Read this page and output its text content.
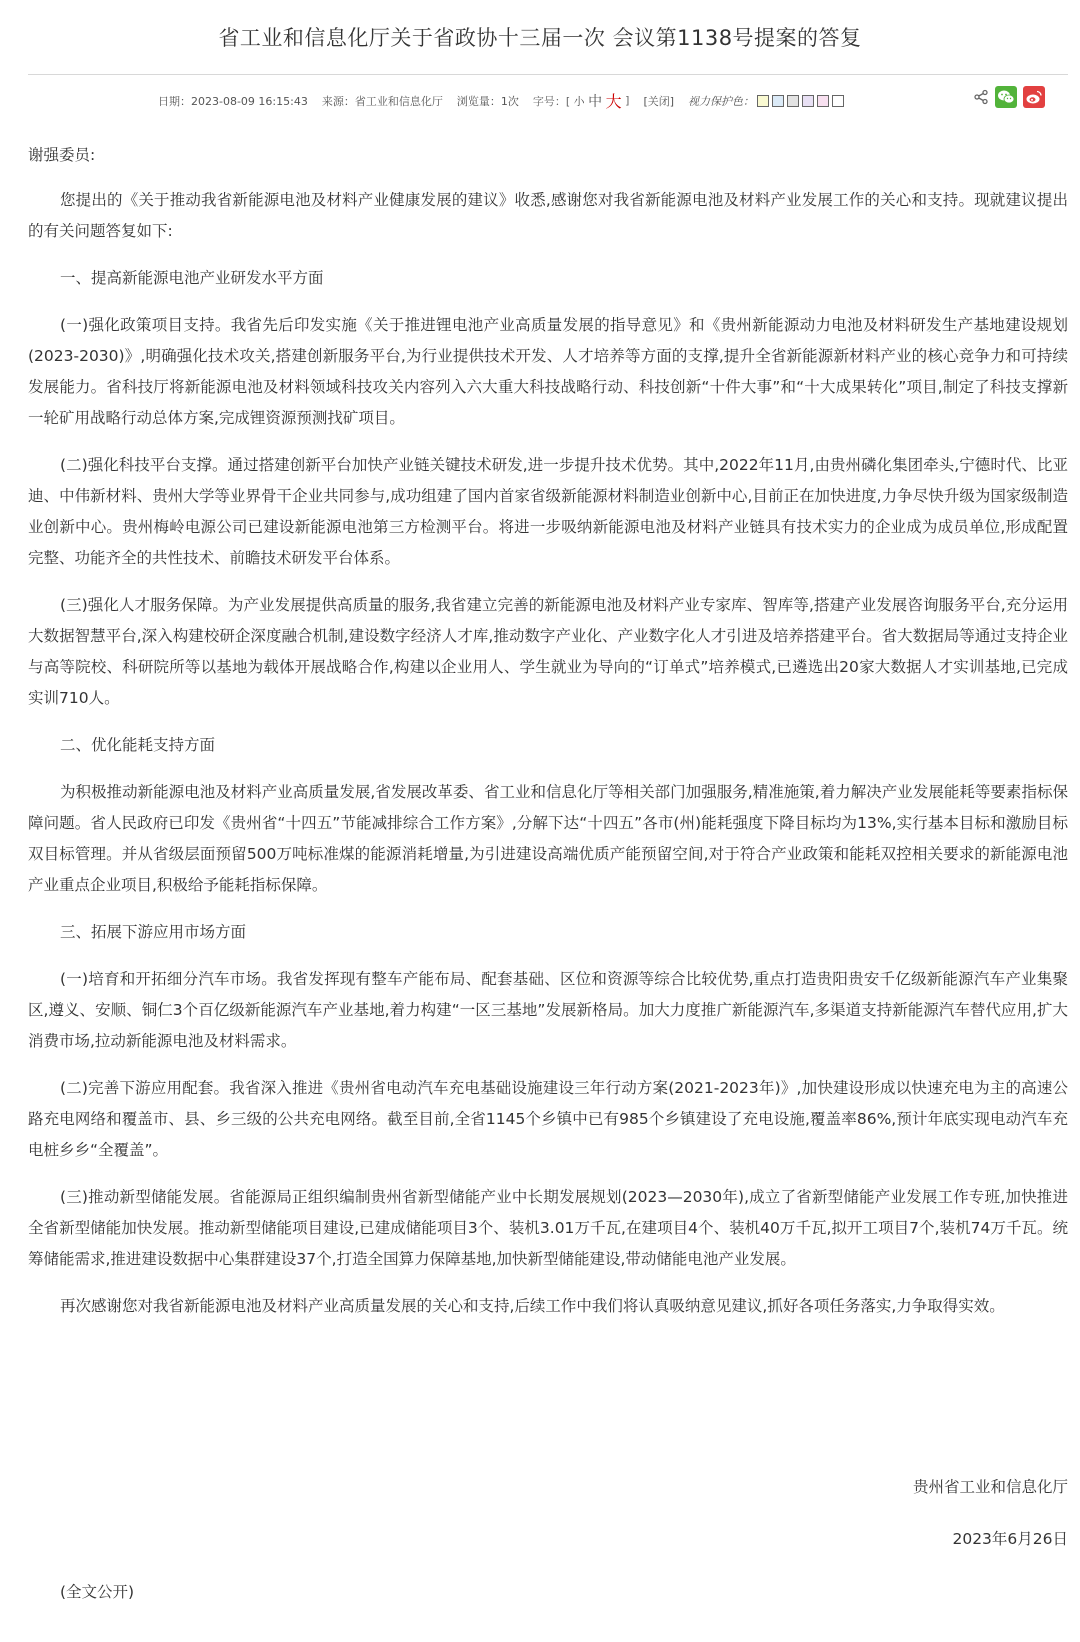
省工业和信息化厅关于省政协十三届一次 会议第1138号提案的答复
日期：2023-08-09 16:15:43 来源：省工业和信息化厅 浏览量：1次 字号：[
小
中
大
] [关闭] 视力保护色：

谢强委员:

您提出的《关于推动我省新能源电池及材料产业健康发展的建议》收悉,感谢您对我省新能源电池及材料产业发展工作的关心和支持。现就建议提出的有关问题答复如下:

一、提高新能源电池产业研发水平方面

(一)强化政策项目支持。我省先后印发实施《关于推进锂电池产业高质量发展的指导意见》和《贵州新能源动力电池及材料研发生产基地建设规划(2023-2030)》,明确强化技术攻关,搭建创新服务平台,为行业提供技术开发、人才培养等方面的支撑,提升全省新能源新材料产业的核心竞争力和可持续发展能力。省科技厅将新能源电池及材料领域科技攻关内容列入六大重大科技战略行动、科技创新“十件大事”和“十大成果转化”项目,制定了科技支撑新一轮矿用战略行动总体方案,完成锂资源预测找矿项目。

(二)强化科技平台支撑。通过搭建创新平台加快产业链关键技术研发,进一步提升技术优势。其中,2022年11月,由贵州磷化集团牵头,宁德时代、比亚迪、中伟新材料、贵州大学等业界骨干企业共同参与,成功组建了国内首家省级新能源材料制造业创新中心,目前正在加快进度,力争尽快升级为国家级制造业创新中心。贵州梅岭电源公司已建设新能源电池第三方检测平台。将进一步吸纳新能源电池及材料产业链具有技术实力的企业成为成员单位,形成配置完整、功能齐全的共性技术、前瞻技术研发平台体系。

(三)强化人才服务保障。为产业发展提供高质量的服务,我省建立完善的新能源电池及材料产业专家库、智库等,搭建产业发展咨询服务平台,充分运用大数据智慧平台,深入构建校研企深度融合机制,建设数字经济人才库,推动数字产业化、产业数字化人才引进及培养搭建平台。省大数据局等通过支持企业与高等院校、科研院所等以基地为载体开展战略合作,构建以企业用人、学生就业为导向的“订单式”培养模式,已遴选出20家大数据人才实训基地,已完成实训710人。

二、优化能耗支持方面

为积极推动新能源电池及材料产业高质量发展,省发展改革委、省工业和信息化厅等相关部门加强服务,精准施策,着力解决产业发展能耗等要素指标保障问题。省人民政府已印发《贵州省“十四五”节能减排综合工作方案》,分解下达“十四五”各市(州)能耗强度下降目标均为13%,实行基本目标和激励目标双目标管理。并从省级层面预留500万吨标准煤的能源消耗增量,为引进建设高端优质产能预留空间,对于符合产业政策和能耗双控相关要求的新能源电池产业重点企业项目,积极给予能耗指标保障。

三、拓展下游应用市场方面

(一)培育和开拓细分汽车市场。我省发挥现有整车产能布局、配套基础、区位和资源等综合比较优势,重点打造贵阳贵安千亿级新能源汽车产业集聚区,遵义、安顺、铜仁3个百亿级新能源汽车产业基地,着力构建“一区三基地”发展新格局。加大力度推广新能源汽车,多渠道支持新能源汽车替代应用,扩大消费市场,拉动新能源电池及材料需求。

(二)完善下游应用配套。我省深入推进《贵州省电动汽车充电基础设施建设三年行动方案(2021-2023年)》,加快建设形成以快速充电为主的高速公路充电网络和覆盖市、县、乡三级的公共充电网络。截至目前,全省1145个乡镇中已有985个乡镇建设了充电设施,覆盖率86%,预计年底实现电动汽车充电桩乡乡“全覆盖”。

(三)推动新型储能发展。省能源局正组织编制贵州省新型储能产业中长期发展规划(2023—2030年),成立了省新型储能产业发展工作专班,加快推进全省新型储能加快发展。推动新型储能项目建设,已建成储能项目3个、装机3.01万千瓦,在建项目4个、装机40万千瓦,拟开工项目7个,装机74万千瓦。统筹储能需求,推进建设数据中心集群建设37个,打造全国算力保障基地,加快新型储能建设,带动储能电池产业发展。

再次感谢您对我省新能源电池及材料产业高质量发展的关心和支持,后续工作中我们将认真吸纳意见建议,抓好各项任务落实,力争取得实效。

贵州省工业和信息化厅
2023年6月26日
(全文公开)
